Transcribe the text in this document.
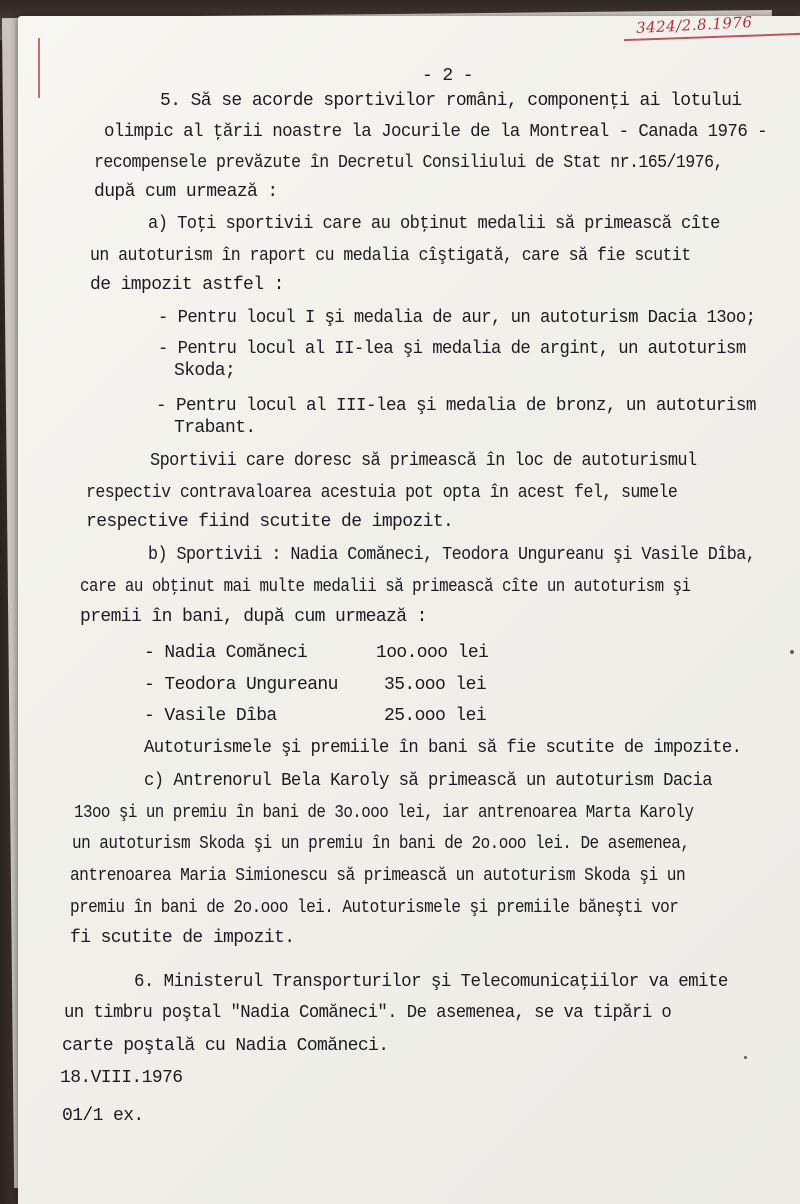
3424/2.8.1976
- 2 -
5. Să se acorde sportivilor români, componenţi ai lotului
olimpic al ţării noastre la Jocurile de la Montreal - Canada 1976 -
recompensele prevăzute în Decretul Consiliului de Stat nr.165/1976,
după cum urmează :
a) Toţi sportivii care au obţinut medalii să primească cîte
un autoturism în raport cu medalia cîştigată, care să fie scutit
de impozit astfel :
- Pentru locul I şi medalia de aur, un autoturism Dacia 13oo;
- Pentru locul al II-lea şi medalia de argint, un autoturism
Skoda;
- Pentru locul al III-lea şi medalia de bronz, un autoturism
Trabant.
Sportivii care doresc să primească în loc de autoturismul
respectiv contravaloarea acestuia pot opta în acest fel, sumele
respective fiind scutite de impozit.
b) Sportivii : Nadia Comăneci, Teodora Ungureanu şi Vasile Dîba,
care au obţinut mai multe medalii să primească cîte un autoturism şi
premii în bani, după cum urmează :
- Nadia Comăneci	1oo.ooo lei
- Teodora Ungureanu	35.ooo lei
- Vasile Dîba	25.ooo lei
Autoturismele şi premiile în bani să fie scutite de impozite.
c) Antrenorul Bela Karoly să primească un autoturism Dacia
13oo şi un premiu în bani de 3o.ooo lei, iar antrenoarea Marta Karoly
un autoturism Skoda şi un premiu în bani de 2o.ooo lei. De asemenea,
antrenoarea Maria Simionescu să primească un autoturism Skoda şi un
premiu în bani de 2o.ooo lei. Autoturismele şi premiile băneşti vor
fi scutite de impozit.
6. Ministerul Transporturilor şi Telecomunicaţiilor va emite
un timbru poştal "Nadia Comăneci". De asemenea, se va tipări o
carte poştală cu Nadia Comăneci.
18.VIII.1976
01/1 ex.
